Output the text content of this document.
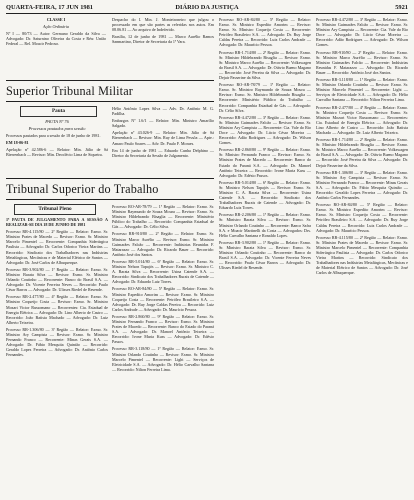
QUARTA-FEIRA, 17 JUN 1981	DIÁRIO DA JUSTIÇA	5921

CLASSE I

Ação Ordinária

Nº I — 80/73 — Autor: Germano Geraldo da Silva — Advogado: Dr. Saturnino Oliveira da Costa e Réu: União Federal — Rel. Moacir Pedroso.

Despacho do I. Min. J. Monteironeiro que julgou o processado em que são partes as referidas nos autos. Em 08.06.81 — Ao arquivo de Indeferido.

Brasília, 12 de junho de 1981 — Marco Aurélio Ramos Sanmartino, Diretor de Secretaria da 1ª Vara.

Superior Tribunal Militar
Pauta

PAUTA Nº 76

Processos pautados para sessão

Processos pautados para a sessão de 18 de junho de 1981.

EM 18-06-81

Apelação nº 42.586-6 — Relator: Min. Júlio de Sá Bierrenbach — Revisor: Min. Deoclécio Lima de Siqueira.

Hélio Antônio Lopes Silva — Adv. Dr. Antônio M. G. Padilha.

Embargos Nº 1.6/1 — Relator: Min. Ministro Amarílio Salgado.

Apelação nº 43.026-9 — Relator: Min. Júlio de Sá Bierrenbach — Revisor: Min. Ruy de Lima Pessôa — Apte.: Amaro Paulo Soares — Adv. Dr. Paulo F. Moraes.

Em 14 de junho de 1981 — Eduardo Cunha Delphino — Diretor da Secretaria da Sessão de Julgamento.

Tribunal Superior do Trabalho
Tribunal Pleno

1ª PAUTA DE JULGAMENTO PARA A SESSÃO A REALIZAR-SE DIA 18 DE JUNHO DE 1981

Processo RR-4.115/80 — 2ª Região — Relator: Exmo. Sr. Ministro Prates de Macedo — Revisor: Exmo. Sr. Ministro Marcelo Pimentel — Recorrente: Companhia Siderúrgica Paulista — Advogado: Dr. Carlos Odorico Vieira Martins — Recorrido: Sindicato dos Trabalhadores nas Indústrias Metalúrgicas, Mecânicas e de Material Elétrico de Santos — Advogado: Dr. José Carlos de Albuquerque.

Processo RR-3.902/80 — 1ª Região — Relator: Exmo. Sr. Ministro Barata Silva — Revisor: Exmo. Sr. Ministro Orlando Coutinho — Recorrente: Banco do Brasil S.A. — Advogado: Dr. Vicente Ferreira Neves — Recorrido: Paulo César Barros — Advogado: Dr. Ulisses Riedel de Resende.

Processo RR-2.477/80 — 4ª Região — Relator: Exmo. Sr. Ministro Coqueijo Costa — Revisor: Exmo. Sr. Ministro Mozart Victor Russomano — Recorrentes: Cia. Estadual de Energia Elétrica — Advogado: Dr. Lino Alberto de Castro — Recorrido: João Batista Machado — Advogado: Dr. Luiz Alberto Teixeira.

Processo RR-1.306/80 — 3ª Região — Relator: Exmo. Sr. Ministro Ary Campista — Revisor: Exmo. Sr. Ministro Fernando Franco — Recorrente: Minas Gerais S.A. — Advogado: Dr. Fábio Mesquita Quintão — Recorrido: Geraldo Lopes Ferreira — Advogado: Dr. Antônio Carlos Fernandes.

Processo RO-AR-78/79 — 1ª Região — Relator: Exmo. Sr. Ministro Raymundo de Souza Moura — Revisor: Exmo. Sr. Ministro Hildebrando Bisaglia — Recorrente: Ministério Público do Trabalho — Recorrido: Companhia Estadual de Gás — Advogado: Dr. Célio Silva.

Processo RR-910/80 — 2ª Região — Relator: Exmo. Sr. Ministro Marco Aurélio — Revisor: Exmo. Sr. Ministro Guimarães Falcão — Recorrente: Indústrias Reunidas F. Matarazzo — Advogado: Dr. Ricardo Bauer — Recorrido: Antônio José dos Santos.

Processo RR-5.014/80 — 6ª Região — Relator: Exmo. Sr. Ministro Nelson Tapajós — Revisor: Exmo. Sr. Ministro C. A. Barata Silva — Recorrente: Usina Catende S.A. — Recorrido: Sindicato dos Trabalhadores Rurais de Catende — Advogado: Dr. Eduardo Luiz Torres.

Processo RO-AR-84/80 — 5ª Região — Relator: Exmo. Sr. Ministro Expedito Amorim — Revisor: Exmo. Sr. Ministro Coqueijo Costa — Recorrente: Petróleo Brasileiro S.A. — Advogado: Dr. Ruy Jorge Caldas Pereira — Recorrido: Luiz Carlos Andrade — Advogado: Dr. Maurício Pessoa.

Processo RR-2.860/80 — 9ª Região — Relator: Exmo. Sr. Ministro Fernando Franco — Revisor: Exmo. Sr. Ministro Prates de Macedo — Recorrente: Banco do Estado do Paraná S.A. — Advogado: Dr. Manoel Antônio Teixeira — Recorrido: Ivone Maria Kuss — Advogado: Dr. Edésio Passos.

Processo RR-3.118/80 — 1ª Região — Relator: Exmo. Sr. Ministro Orlando Coutinho — Revisor: Exmo. Sr. Ministro Marcelo Pimentel — Recorrente: Light — Serviços de Eletricidade S.A. — Advogado: Dr. Hélio Carvalho Santana — Recorrido: Nilton Ferreira Lima.

Processo RO-AR-84/80 — 5ª Região — Relator: Exmo. Sr. Ministro Expedito Amorim — Revisor: Exmo. Sr. Ministro Coqueijo Costa — Recorrente: Petróleo Brasileiro S.A. — Advogado: Dr. Ruy Jorge Caldas Pereira — Recorrido: Luiz Carlos Andrade — Advogado: Dr. Maurício Pessoa.

Processo RR-1.714/80 — 2ª Região — Relator: Exmo. Sr. Ministro Hildebrando Bisaglia — Revisor: Exmo. Sr. Ministro Marco Aurélio — Recorrente: Volkswagen do Brasil S.A. — Advogado: Dr. Otávio Bueno Magano — Recorrido: José Pereira da Silva — Advogado: Dr. Dejair Passerine da Silva.

Processo RO-AR-78/79 — 1ª Região — Relator: Exmo. Sr. Ministro Raymundo de Souza Moura — Revisor: Exmo. Sr. Ministro Hildebrando Bisaglia — Recorrente: Ministério Público do Trabalho — Recorrido: Companhia Estadual de Gás — Advogado: Dr. Célio Silva.

Processo RR-4.472/80 — 3ª Região — Relator: Exmo. Sr. Ministro Guimarães Falcão — Revisor: Exmo. Sr. Ministro Ary Campista — Recorrente: Cia. Vale do Rio Doce — Advogado: Dr. Lúcio César Moreira — Recorrido: Adão Rodrigues — Advogado: Dr. Wilson Gomes.

Processo RR-2.860/80 — 9ª Região — Relator: Exmo. Sr. Ministro Fernando Franco — Revisor: Exmo. Sr. Ministro Prates de Macedo — Recorrente: Banco do Estado do Paraná S.A. — Advogado: Dr. Manoel Antônio Teixeira — Recorrido: Ivone Maria Kuss — Advogado: Dr. Edésio Passos.

Processo RR-5.014/80 — 6ª Região — Relator: Exmo. Sr. Ministro Nelson Tapajós — Revisor: Exmo. Sr. Ministro C. A. Barata Silva — Recorrente: Usina Catende S.A. — Recorrido: Sindicato dos Trabalhadores Rurais de Catende — Advogado: Dr. Eduardo Luiz Torres.

Processo RR-2.206/80 — 1ª Região — Relator: Exmo. Sr. Ministro Barata Silva — Revisor: Exmo. Sr. Ministro Orlando Coutinho — Recorrente: Banco Safra S.A. e Moacir Martinelli da Costa — Advogados: Drs. Hélio Carvalho Santana e Ronaldo Lopes.

Processo RR-3.902/80 — 1ª Região — Relator: Exmo. Sr. Ministro Barata Silva — Revisor: Exmo. Sr. Ministro Orlando Coutinho — Recorrente: Banco do Brasil S.A. — Advogado: Dr. Vicente Ferreira Neves — Recorrido: Paulo César Barros — Advogado: Dr. Ulisses Riedel de Resende.

Processo RR-4.472/80 — 3ª Região — Relator: Exmo. Sr. Ministro Guimarães Falcão — Revisor: Exmo. Sr. Ministro Ary Campista — Recorrente: Cia. Vale do Rio Doce — Advogado: Dr. Lúcio César Moreira — Recorrido: Adão Rodrigues — Advogado: Dr. Wilson Gomes.

Processo RR-910/80 — 2ª Região — Relator: Exmo. Sr. Ministro Marco Aurélio — Revisor: Exmo. Sr. Ministro Guimarães Falcão — Recorrente: Indústrias Reunidas F. Matarazzo — Advogado: Dr. Ricardo Bauer — Recorrido: Antônio José dos Santos.

Processo RR-3.118/80 — 1ª Região — Relator: Exmo. Sr. Ministro Orlando Coutinho — Revisor: Exmo. Sr. Ministro Marcelo Pimentel — Recorrente: Light — Serviços de Eletricidade S.A. — Advogado: Dr. Hélio Carvalho Santana — Recorrido: Nilton Ferreira Lima.

Processo RR-2.477/80 — 4ª Região — Relator: Exmo. Sr. Ministro Coqueijo Costa — Revisor: Exmo. Sr. Ministro Mozart Victor Russomano — Recorrentes: Cia. Estadual de Energia Elétrica — Advogado: Dr. Lino Alberto de Castro — Recorrido: João Batista Machado — Advogado: Dr. Luiz Alberto Teixeira.

Processo RR-1.714/80 — 2ª Região — Relator: Exmo. Sr. Ministro Hildebrando Bisaglia — Revisor: Exmo. Sr. Ministro Marco Aurélio — Recorrente: Volkswagen do Brasil S.A. — Advogado: Dr. Otávio Bueno Magano — Recorrido: José Pereira da Silva — Advogado: Dr. Dejair Passerine da Silva.

Processo RR-1.306/80 — 3ª Região — Relator: Exmo. Sr. Ministro Ary Campista — Revisor: Exmo. Sr. Ministro Fernando Franco — Recorrente: Minas Gerais S.A. — Advogado: Dr. Fábio Mesquita Quintão — Recorrido: Geraldo Lopes Ferreira — Advogado: Dr. Antônio Carlos Fernandes.

Processo RO-AR-84/80 — 5ª Região — Relator: Exmo. Sr. Ministro Expedito Amorim — Revisor: Exmo. Sr. Ministro Coqueijo Costa — Recorrente: Petróleo Brasileiro S.A. — Advogado: Dr. Ruy Jorge Caldas Pereira — Recorrido: Luiz Carlos Andrade — Advogado: Dr. Maurício Pessoa.

Processo RR-4.115/80 — 2ª Região — Relator: Exmo. Sr. Ministro Prates de Macedo — Revisor: Exmo. Sr. Ministro Marcelo Pimentel — Recorrente: Companhia Siderúrgica Paulista — Advogado: Dr. Carlos Odorico Vieira Martins — Recorrido: Sindicato dos Trabalhadores nas Indústrias Metalúrgicas, Mecânicas e de Material Elétrico de Santos — Advogado: Dr. José Carlos de Albuquerque.
